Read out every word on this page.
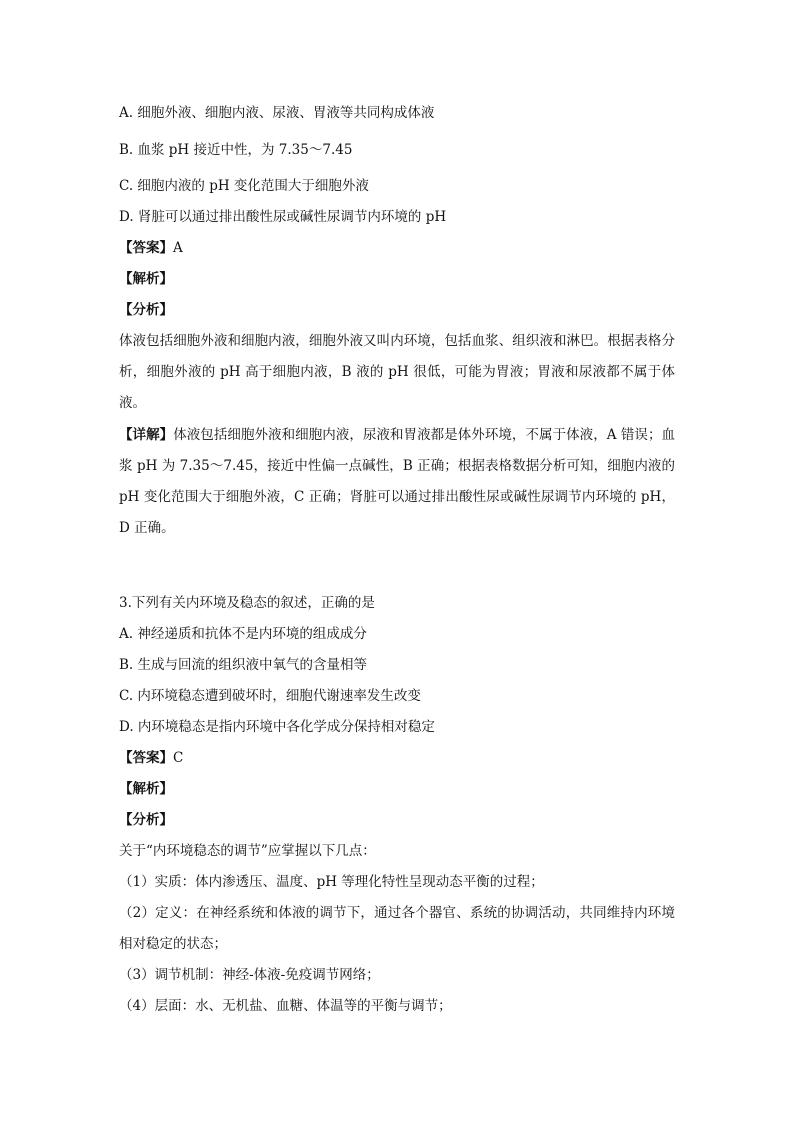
A. 细胞外液、细胞内液、尿液、胃液等共同构成体液
B. 血浆 pH 接近中性，为 7.35～7.45
C. 细胞内液的 pH 变化范围大于细胞外液
D. 肾脏可以通过排出酸性尿或碱性尿调节内环境的 pH
【答案】A
【解析】
【分析】
体液包括细胞外液和细胞内液，细胞外液又叫内环境，包括血浆、组织液和淋巴。根据表格分析，细胞外液的 pH 高于细胞内液，B 液的 pH 很低，可能为胃液；胃液和尿液都不属于体液。
【详解】体液包括细胞外液和细胞内液，尿液和胃液都是体外环境，不属于体液，A 错误；血浆 pH 为 7.35～7.45，接近中性偏一点碱性，B 正确；根据表格数据分析可知，细胞内液的 pH 变化范围大于细胞外液，C 正确；肾脏可以通过排出酸性尿或碱性尿调节内环境的 pH，D 正确。
3.下列有关内环境及稳态的叙述，正确的是
A. 神经递质和抗体不是内环境的组成成分
B. 生成与回流的组织液中氧气的含量相等
C. 内环境稳态遭到破坏时，细胞代谢速率发生改变
D. 内环境稳态是指内环境中各化学成分保持相对稳定
【答案】C
【解析】
【分析】
关于“内环境稳态的调节”应掌握以下几点：
（1）实质：体内渗透压、温度、pH 等理化特性呈现动态平衡的过程；
（2）定义：在神经系统和体液的调节下，通过各个器官、系统的协调活动，共同维持内环境相对稳定的状态；
（3）调节机制：神经-体液-免疫调节网络；
（4）层面：水、无机盐、血糖、体温等的平衡与调节；
